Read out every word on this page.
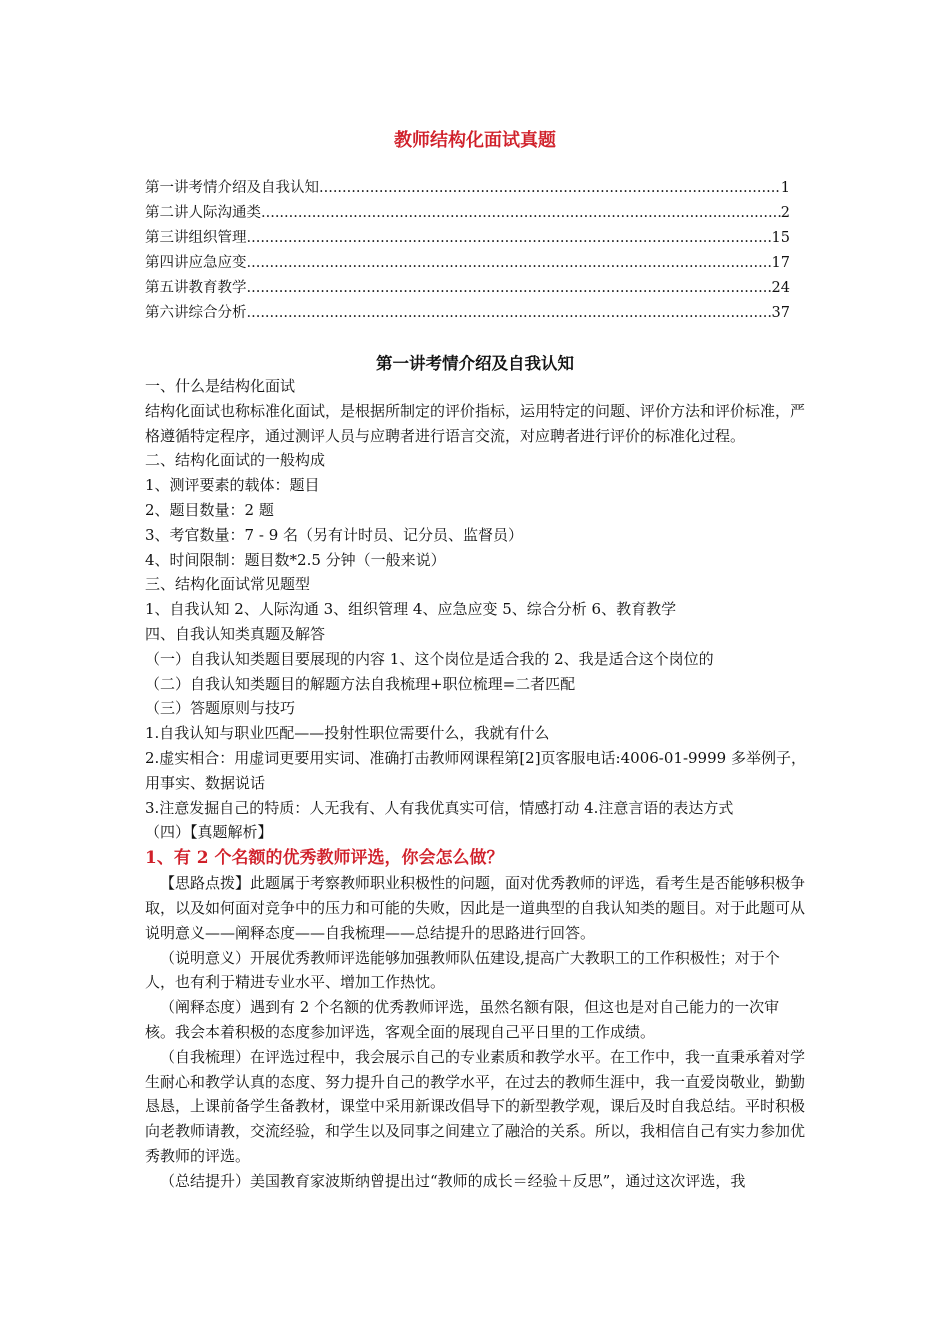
教师结构化面试真题
第一讲考情介绍及自我认知 .....	1
第二讲人际沟通类 .....	2
第三讲组织管理 .....	15
第四讲应急应变 .....	17
第五讲教育教学 .....	24
第六讲综合分析 .....	37
第一讲考情介绍及自我认知

一、什么是结构化面试

结构化面试也称标准化面试，是根据所制定的评价指标，运用特定的问题、评价方法和评价标准，严格遵循特定程序，通过测评人员与应聘者进行语言交流，对应聘者进行评价的标准化过程。

二、结构化面试的一般构成

1、测评要素的载体：题目

2、题目数量：2 题

3、考官数量：7 - 9 名（另有计时员、记分员、监督员）

4、时间限制：题目数*2.5 分钟（一般来说）

三、结构化面试常见题型

1、自我认知 2、人际沟通 3、组织管理 4、应急应变 5、综合分析 6、教育教学

四、自我认知类真题及解答

（一）自我认知类题目要展现的内容 1、这个岗位是适合我的 2、我是适合这个岗位的

（二）自我认知类题目的解题方法自我梳理+职位梳理=二者匹配

（三）答题原则与技巧

1.自我认知与职业匹配——投射性职位需要什么，我就有什么

2.虚实相合：用虚词更要用实词、准确打击教师网课程第[2]页客服电话:4006-01-9999 多举例子，用事实、数据说话

3.注意发掘自己的特质：人无我有、人有我优真实可信，情感打动 4.注意言语的表达方式

（四）【真题解析】

1、有 2 个名额的优秀教师评选，你会怎么做？

【思路点拨】此题属于考察教师职业积极性的问题，面对优秀教师的评选，看考生是否能够积极争取，以及如何面对竞争中的压力和可能的失败，因此是一道典型的自我认知类的题目。对于此题可从说明意义——阐释态度——自我梳理——总结提升的思路进行回答。

（说明意义）开展优秀教师评选能够加强教师队伍建设,提高广大教职工的工作积极性；对于个人，也有利于精进专业水平、增加工作热忱。

（阐释态度）遇到有 2 个名额的优秀教师评选，虽然名额有限，但这也是对自己能力的一次审核。我会本着积极的态度参加评选，客观全面的展现自己平日里的工作成绩。

（自我梳理）在评选过程中，我会展示自己的专业素质和教学水平。在工作中，我一直秉承着对学生耐心和教学认真的态度、努力提升自己的教学水平，在过去的教师生涯中，我一直爱岗敬业，勤勤恳恳，上课前备学生备教材，课堂中采用新课改倡导下的新型教学观，课后及时自我总结。平时积极向老教师请教，交流经验，和学生以及同事之间建立了融洽的关系。所以，我相信自己有实力参加优秀教师的评选。

（总结提升）美国教育家波斯纳曾提出过“教师的成长＝经验＋反思”，通过这次评选，我
